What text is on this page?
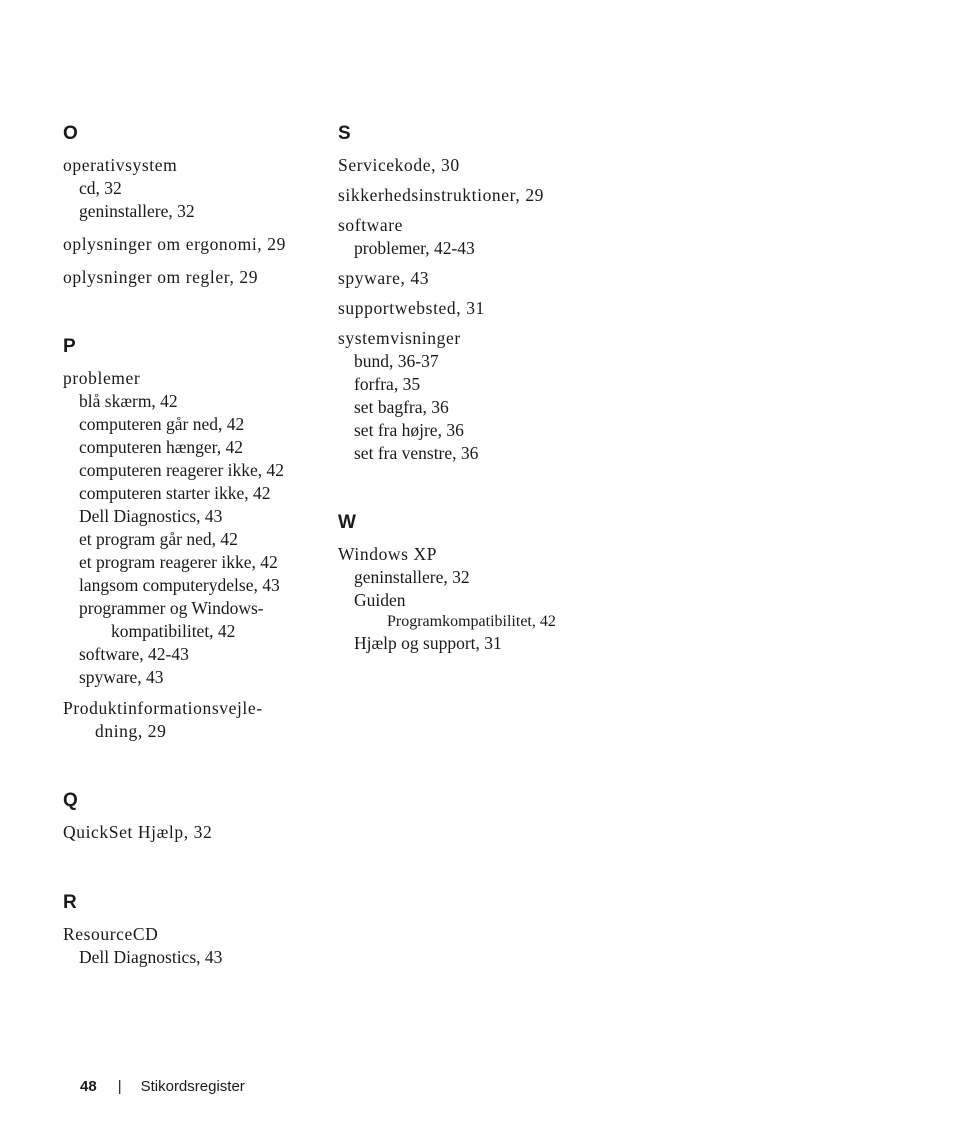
O
operativsystem
cd, 32
geninstallere, 32
oplysninger om ergonomi, 29
oplysninger om regler, 29
P
problemer
blå skærm, 42
computeren går ned, 42
computeren hænger, 42
computeren reagerer ikke, 42
computeren starter ikke, 42
Dell Diagnostics, 43
et program går ned, 42
et program reagerer ikke, 42
langsom computerydelse, 43
programmer og Windows-
kompatibilitet, 42
software, 42-43
spyware, 43
Produktinformationsvejle-
dning, 29
Q
QuickSet Hjælp, 32
R
ResourceCD
Dell Diagnostics, 43
S
Servicekode, 30
sikkerhedsinstruktioner, 29
software
problemer, 42-43
spyware, 43
supportwebsted, 31
systemvisninger
bund, 36-37
forfra, 35
set bagfra, 36
set fra højre, 36
set fra venstre, 36
W
Windows XP
geninstallere, 32
Guiden
Programkompatibilitet, 42
Hjælp og support, 31
48 | Stikordsregister
